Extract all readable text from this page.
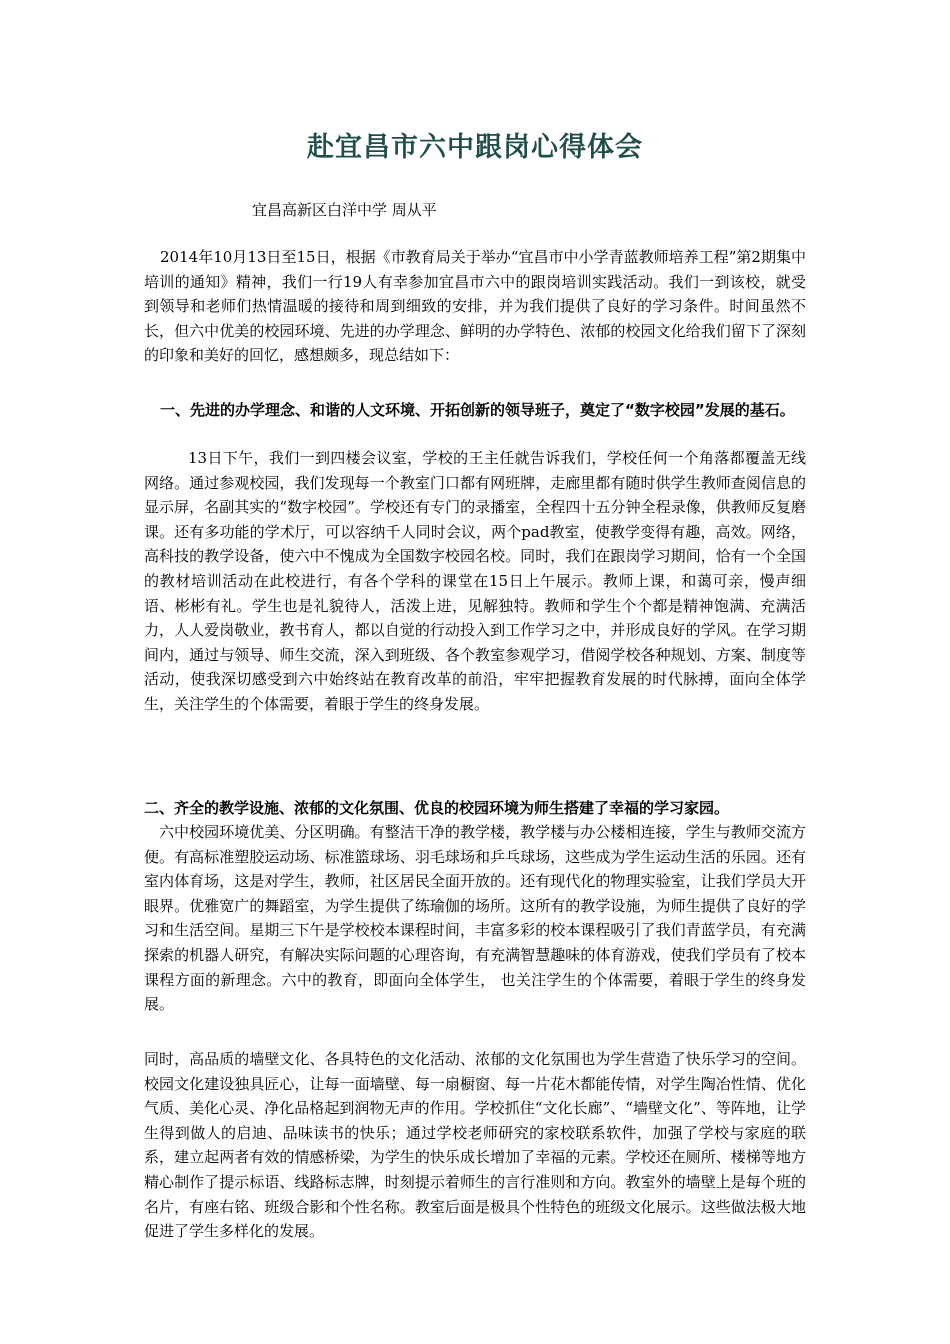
赴宜昌市六中跟岗心得体会
宜昌高新区白洋中学 周从平
2014年10月13日至15日，根据《市教育局关于举办“宜昌市中小学青蓝教师培养工程”第2期集中培训的通知》精神，我们一行19人有幸参加宜昌市六中的跟岗培训实践活动。我们一到该校，就受到领导和老师们热情温暖的接待和周到细致的安排，并为我们提供了良好的学习条件。时间虽然不长，但六中优美的校园环境、先进的办学理念、鲜明的办学特色、浓郁的校园文化给我们留下了深刻的印象和美好的回忆，感想颇多，现总结如下：
一、先进的办学理念、和谐的人文环境、开拓创新的领导班子，奠定了“数字校园”发展的基石。
13日下午，我们一到四楼会议室，学校的王主任就告诉我们，学校任何一个角落都覆盖无线网络。通过参观校园，我们发现每一个教室门口都有网班牌，走廊里都有随时供学生教师查阅信息的显示屏，名副其实的“数字校园”。学校还有专门的录播室，全程四十五分钟全程录像，供教师反复磨课。还有多功能的学术厅，可以容纳千人同时会议，两个pad教室，使教学变得有趣，高效。网络，高科技的教学设备，使六中不愧成为全国数字校园名校。同时，我们在跟岗学习期间，恰有一个全国的教材培训活动在此校进行，有各个学科的课堂在15日上午展示。教师上课，和蔼可亲，慢声细语、彬彬有礼。学生也是礼貌待人，活泼上进，见解独特。教师和学生个个都是精神饱满、充满活力，人人爱岗敬业，教书育人，都以自觉的行动投入到工作学习之中，并形成良好的学风。在学习期间内，通过与领导、师生交流，深入到班级、各个教室参观学习，借阅学校各种规划、方案、制度等活动，使我深切感受到六中始终站在教育改革的前沿，牢牢把握教育发展的时代脉搏，面向全体学生，关注学生的个体需要，着眼于学生的终身发展。
二、齐全的教学设施、浓郁的文化氛围、优良的校园环境为师生搭建了幸福的学习家园。
六中校园环境优美、分区明确。有整洁干净的教学楼，教学楼与办公楼相连接，学生与教师交流方便。有高标准塑胶运动场、标准篮球场、羽毛球场和乒乓球场，这些成为学生运动生活的乐园。还有室内体育场，这是对学生，教师，社区居民全面开放的。还有现代化的物理实验室，让我们学员大开眼界。优雅宽广的舞蹈室，为学生提供了练瑜伽的场所。这所有的教学设施，为师生提供了良好的学习和生活空间。星期三下午是学校校本课程时间，丰富多彩的校本课程吸引了我们青蓝学员，有充满探索的机器人研究，有解决实际问题的心理咨询，有充满智慧趣味的体育游戏，使我们学员有了校本课程方面的新理念。六中的教育，即面向全体学生， 也关注学生的个体需要，着眼于学生的终身发展。
同时，高品质的墙壁文化、各具特色的文化活动、浓郁的文化氛围也为学生营造了快乐学习的空间。校园文化建设独具匠心，让每一面墙壁、每一扇橱窗、每一片花木都能传情，对学生陶冶性情、优化气质、美化心灵、净化品格起到润物无声的作用。学校抓住“文化长廊”、“墙壁文化”、等阵地，让学生得到做人的启迪、品味读书的快乐；通过学校老师研究的家校联系软件，加强了学校与家庭的联系，建立起两者有效的情感桥梁，为学生的快乐成长增加了幸福的元素。学校还在厕所、楼梯等地方精心制作了提示标语、线路标志牌，时刻提示着师生的言行准则和方向。教室外的墙壁上是每个班的名片，有座右铭、班级合影和个性名称。教室后面是极具个性特色的班级文化展示。这些做法极大地促进了学生多样化的发展。
